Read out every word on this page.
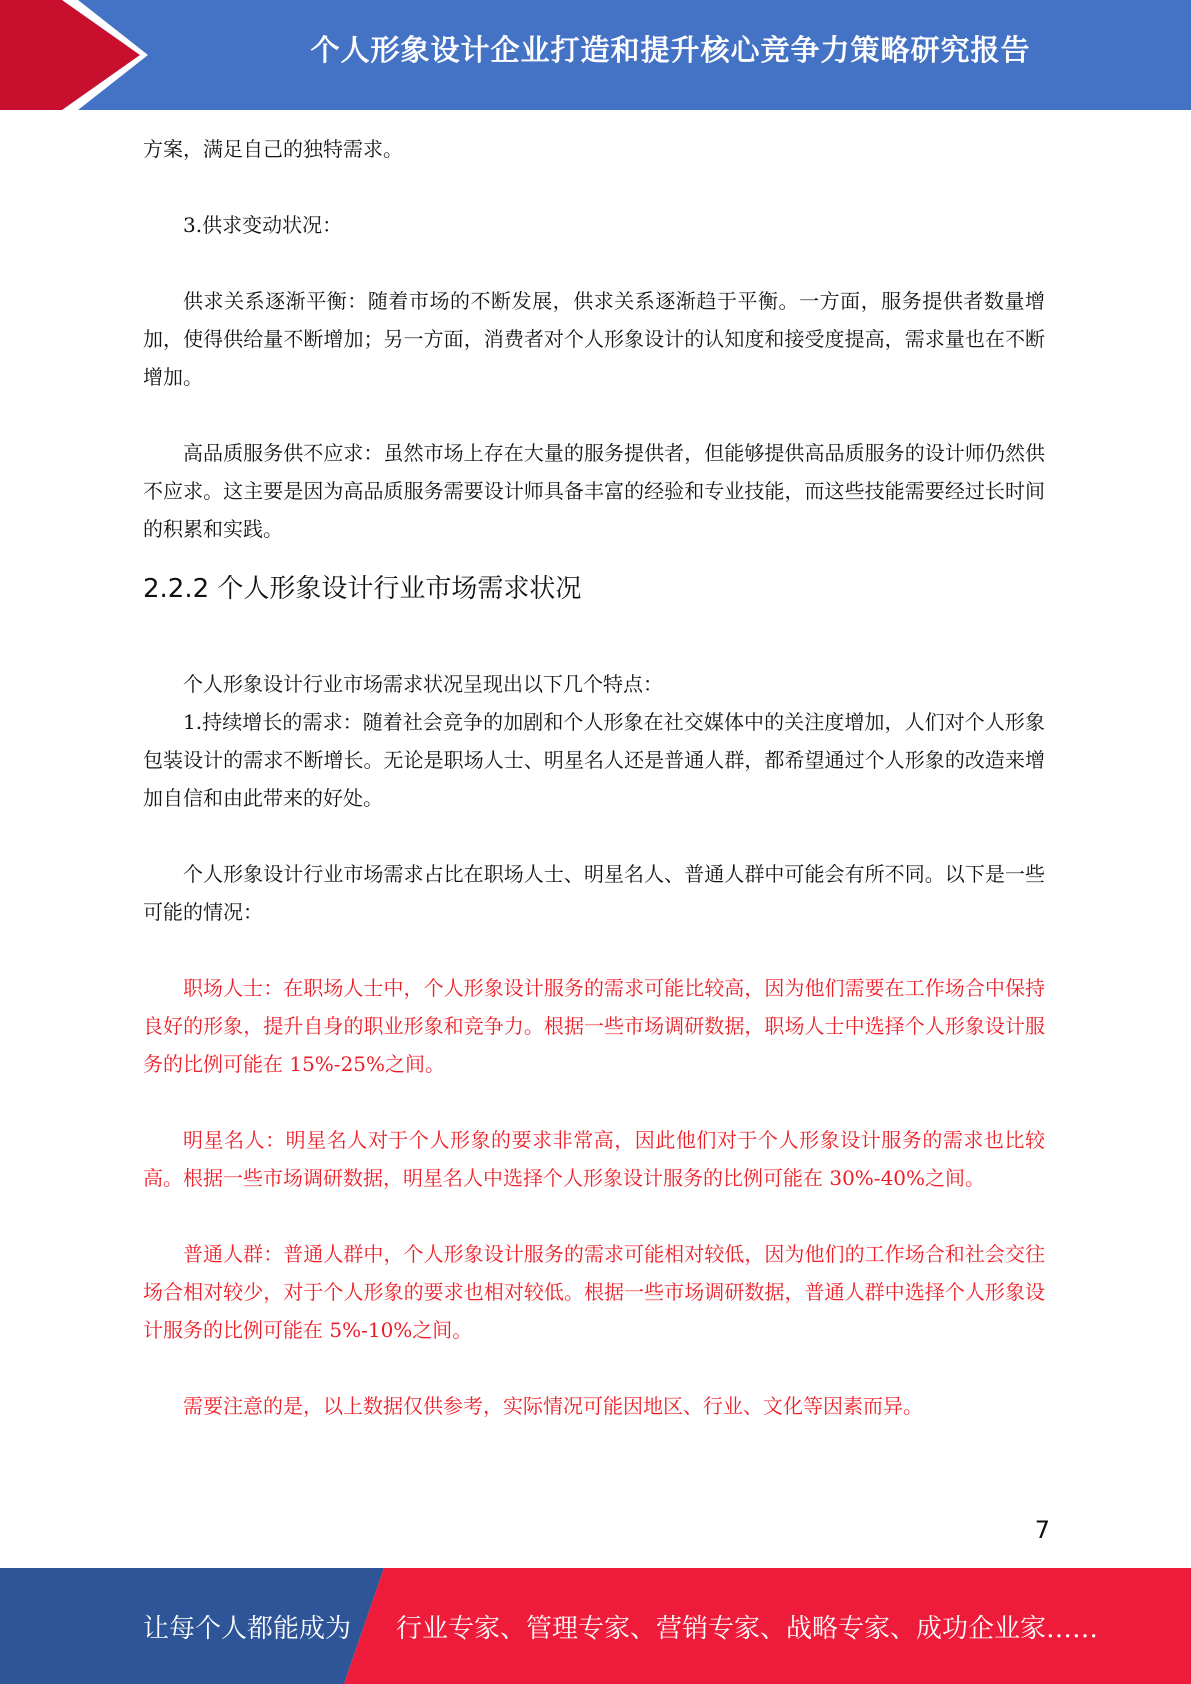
个人形象设计企业打造和提升核心竞争力策略研究报告

方案，满足自己的独特需求。

3.供求变动状况：

供求关系逐渐平衡：随着市场的不断发展，供求关系逐渐趋于平衡。一方面，服务提供者数量增加，使得供给量不断增加；另一方面，消费者对个人形象设计的认知度和接受度提高，需求量也在不断增加。

高品质服务供不应求：虽然市场上存在大量的服务提供者，但能够提供高品质服务的设计师仍然供不应求。这主要是因为高品质服务需要设计师具备丰富的经验和专业技能，而这些技能需要经过长时间的积累和实践。

2.2.2 个人形象设计行业市场需求状况

个人形象设计行业市场需求状况呈现出以下几个特点：

1.持续增长的需求：随着社会竞争的加剧和个人形象在社交媒体中的关注度增加，人们对个人形象包装设计的需求不断增长。无论是职场人士、明星名人还是普通人群，都希望通过个人形象的改造来增加自信和由此带来的好处。

个人形象设计行业市场需求占比在职场人士、明星名人、普通人群中可能会有所不同。以下是一些可能的情况：

职场人士：在职场人士中，个人形象设计服务的需求可能比较高，因为他们需要在工作场合中保持良好的形象，提升自身的职业形象和竞争力。根据一些市场调研数据，职场人士中选择个人形象设计服务的比例可能在 15%-25%之间。

明星名人：明星名人对于个人形象的要求非常高，因此他们对于个人形象设计服务的需求也比较高。根据一些市场调研数据，明星名人中选择个人形象设计服务的比例可能在 30%-40%之间。

普通人群：普通人群中，个人形象设计服务的需求可能相对较低，因为他们的工作场合和社会交往场合相对较少，对于个人形象的要求也相对较低。根据一些市场调研数据，普通人群中选择个人形象设计服务的比例可能在 5%-10%之间。

需要注意的是，以上数据仅供参考，实际情况可能因地区、行业、文化等因素而异。

7
让每个人都能成为 行业专家、管理专家、营销专家、战略专家、成功企业家……
